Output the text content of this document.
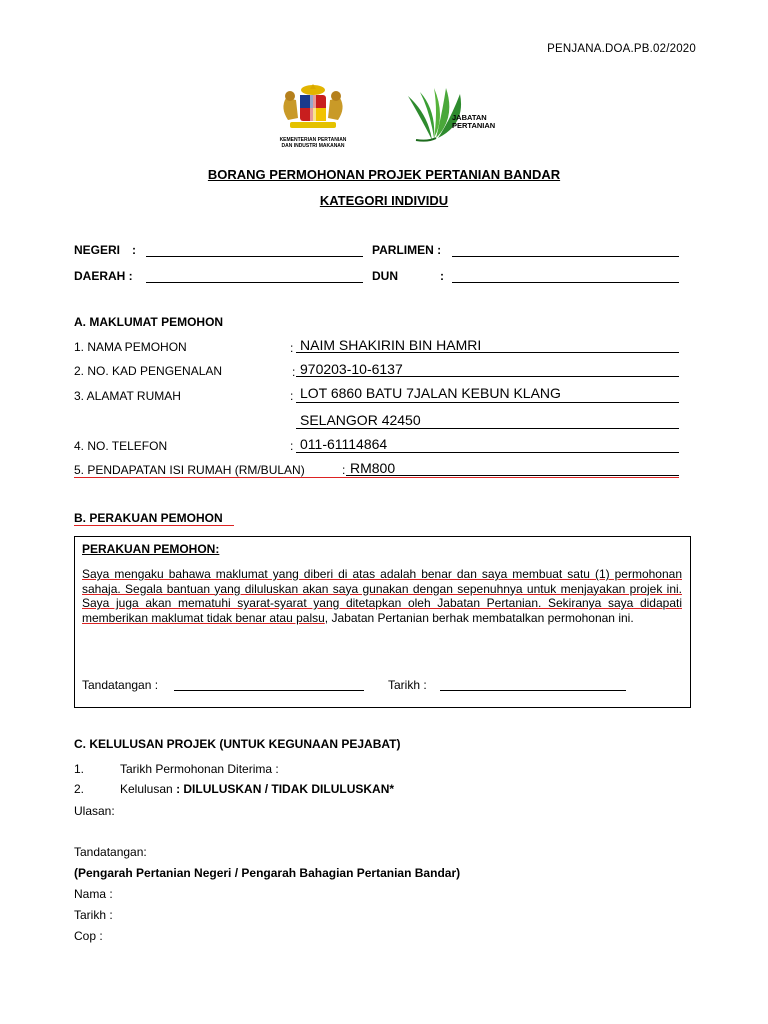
PENJANA.DOA.PB.02/2020
KEMENTERIAN PERTANIAN
DAN INDUSTRI MAKANAN
JABATAN
PERTANIAN
BORANG PERMOHONAN PROJEK PERTANIAN BANDAR
KATEGORI INDIVIDU
NEGERI :	PARLIMEN :
DAERAH :	DUN	:
A. MAKLUMAT PEMOHON
1. NAMA PEMOHON	: NAIM SHAKIRIN BIN HAMRI
2. NO. KAD PENGENALAN	: 970203-10-6137
3. ALAMAT RUMAH	: LOT 6860 BATU 7JALAN KEBUN KLANG
SELANGOR 42450
4. NO. TELEFON	: 011-61114864
5. PENDAPATAN ISI RUMAH (RM/BULAN)	: RM800
B. PERAKUAN PEMOHON
PERAKUAN PEMOHON:
Saya mengaku bahawa maklumat yang diberi di atas adalah benar dan saya membuat satu (1) permohonan sahaja. Segala bantuan yang diluluskan akan saya gunakan dengan sepenuhnya untuk menjayakan projek ini. Saya juga akan mematuhi syarat-syarat yang ditetapkan oleh Jabatan Pertanian. Sekiranya saya didapati memberikan maklumat tidak benar atau palsu, Jabatan Pertanian berhak membatalkan permohonan ini.
Tandatangan :	Tarikh :
C. KELULUSAN PROJEK (UNTUK KEGUNAAN PEJABAT)
1.	Tarikh Permohonan Diterima :
2.	Kelulusan : DILULUSKAN / TIDAK DILULUSKAN*
Ulasan:
Tandatangan:
(Pengarah Pertanian Negeri / Pengarah Bahagian Pertanian Bandar)
Nama :
Tarikh :
Cop :
